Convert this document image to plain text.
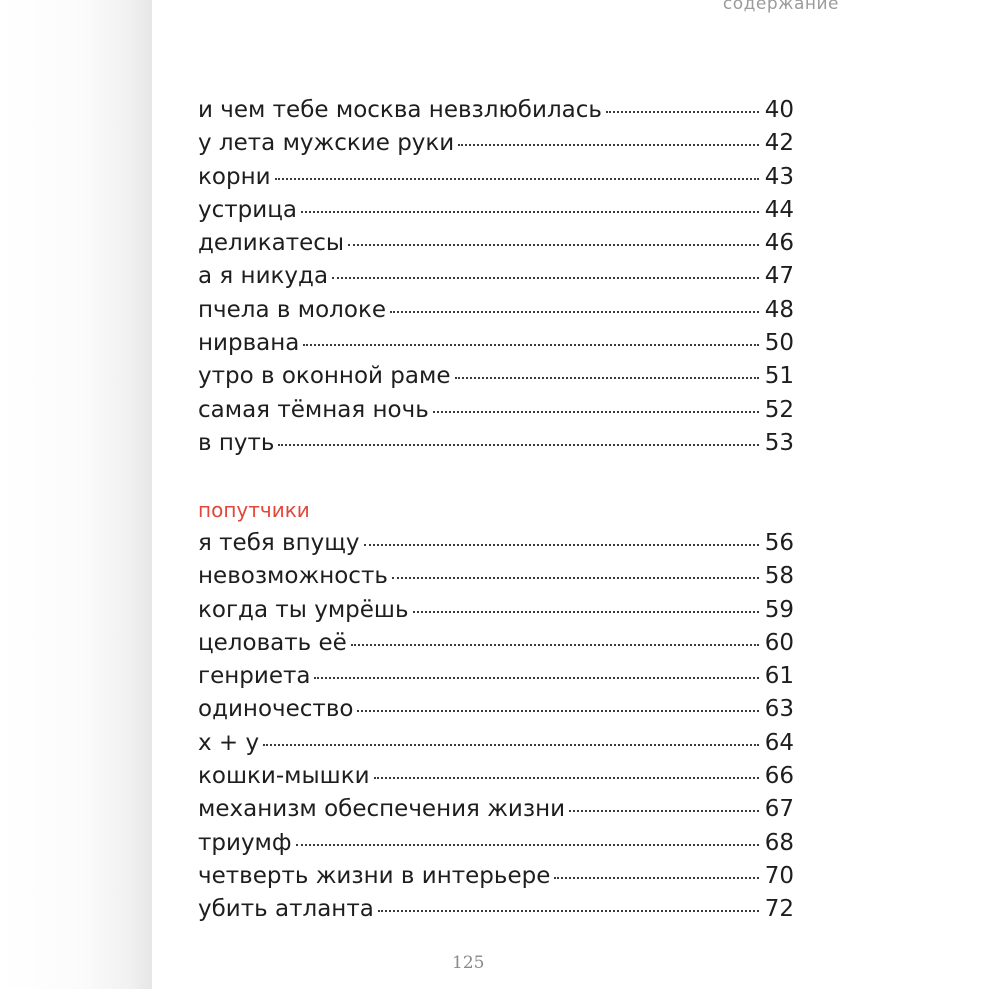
содержание
и чем тебе москва невзлюбилась	40
у лета мужские руки	42
корни	43
устрица	44
деликатесы	46
а я никуда	47
пчела в молоке	48
нирвана	50
утро в оконной раме	51
самая тёмная ночь	52
в путь	53
попутчики
я тебя впущу	56
невозможность	58
когда ты умрёшь	59
целовать её	60
генриета	61
одиночество	63
х + у	64
кошки-мышки	66
механизм обеспечения жизни	67
триумф	68
четверть жизни в интерьере	70
убить атланта	72
125
